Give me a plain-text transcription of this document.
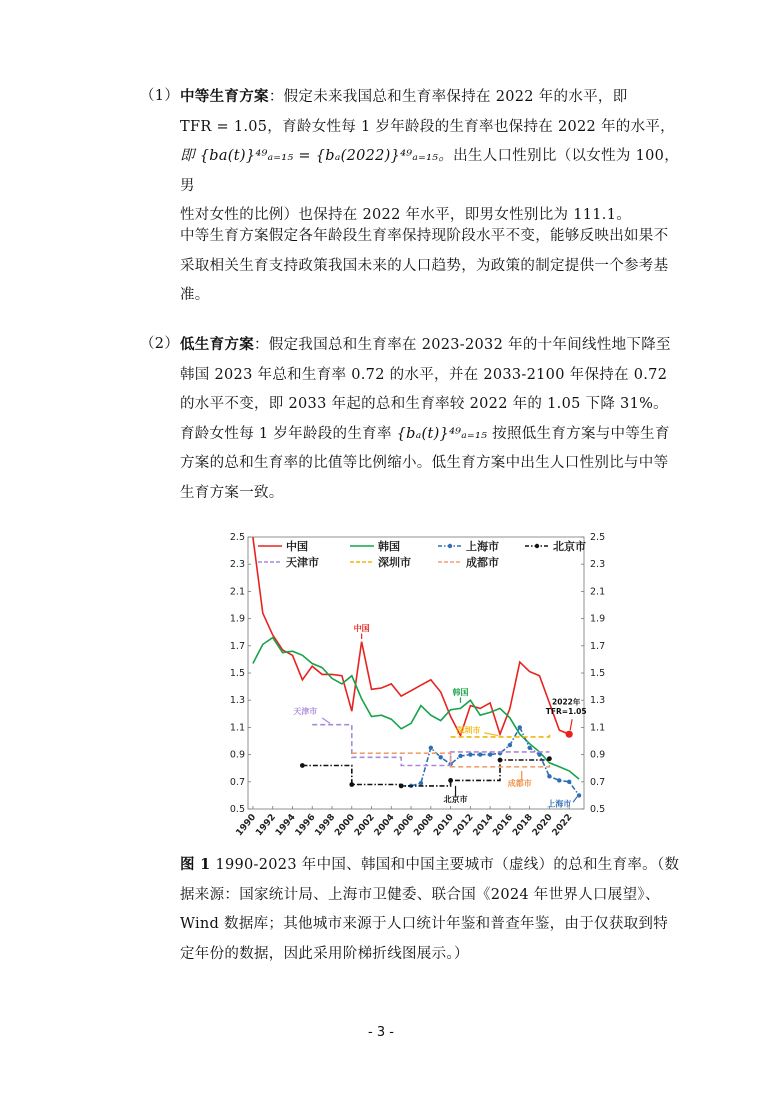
（1） 中等生育方案：假定未来我国总和生育率保持在 2022 年的水平，即
TFR = 1.05，育龄女性每 1 岁年龄段的生育率也保持在 2022 年的水平，
即 {ba(t)}⁴⁹ₐ₌₁₅ = {bₐ(2022)}⁴⁹ₐ₌₁₅。出生人口性别比（以女性为 100，男
性对女性的比例）也保持在 2022 年水平，即男女性别比为 111.1。
中等生育方案假定各年龄段生育率保持现阶段水平不变，能够反映出如果不采取相关生育支持政策我国未来的人口趋势，为政策的制定提供一个参考基准。
（2） 低生育方案：假定我国总和生育率在 2023-2032 年的十年间线性地下降至韩国 2023 年总和生育率 0.72 的水平，并在 2033-2100 年保持在 0.72 的水平不变，即 2033 年起的总和生育率较 2022 年的 1.05 下降 31%。育龄女性每 1 岁年龄段的生育率 {bₐ(t)}⁴⁹ₐ₌₁₅ 按照低生育方案与中等生育方案的总和生育率的比值等比例缩小。低生育方案中出生人口性别比与中等生育方案一致。
0.5	0.5
0.7	0.7
0.9	0.9
1.1	1.1
1.3	1.3
1.5	1.5
1.7	1.7
1.9	1.9
2.1	2.1
2.3	2.3
2.5	2.5
1990
1992
1994
1996
1998
2000
2002
2004
2006
2008
2010
2012
2014
2016
2018
2020
2022
中国	韩国	上海市	北京市
天津市	深圳市	成都市
中国
韩国
天津市
深圳市
成都市
北京市	上海市
2022年
TFR=1.05
图 1 1990-2023 年中国、韩国和中国主要城市（虚线）的总和生育率。（数据来源：国家统计局、上海市卫健委、联合国《2024 年世界人口展望》、Wind 数据库；其他城市来源于人口统计年鉴和普查年鉴，由于仅获取到特定年份的数据，因此采用阶梯折线图展示。）
- 3 -
